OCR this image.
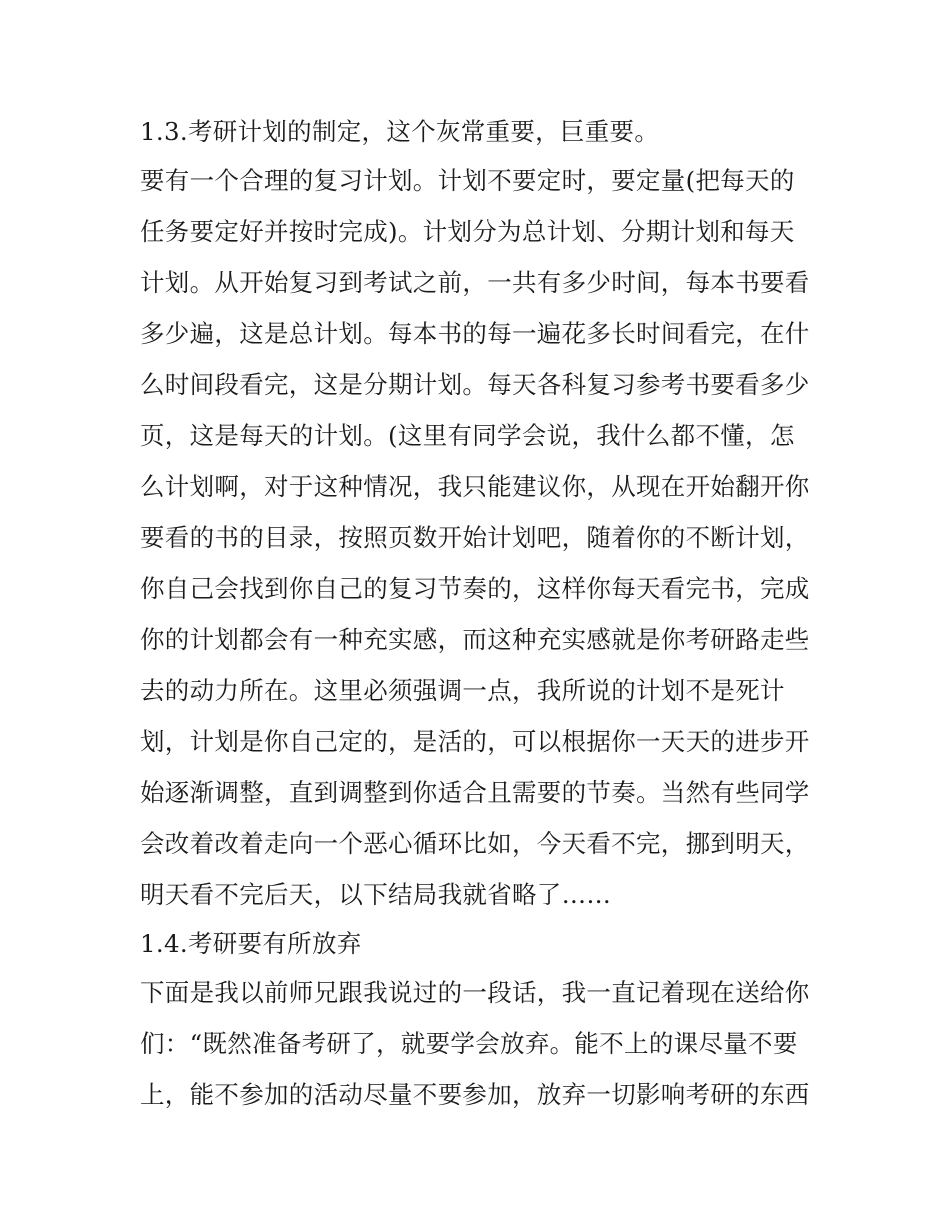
1.3.考研计划的制定，这个灰常重要，巨重要。
要有一个合理的复习计划。计划不要定时，要定量(把每天的
任务要定好并按时完成)。计划分为总计划、分期计划和每天
计划。从开始复习到考试之前，一共有多少时间，每本书要看
多少遍，这是总计划。每本书的每一遍花多长时间看完，在什
么时间段看完，这是分期计划。每天各科复习参考书要看多少
页，这是每天的计划。(这里有同学会说，我什么都不懂，怎
么计划啊，对于这种情况，我只能建议你，从现在开始翻开你
要看的书的目录，按照页数开始计划吧，随着你的不断计划，
你自己会找到你自己的复习节奏的，这样你每天看完书，完成
你的计划都会有一种充实感，而这种充实感就是你考研路走些
去的动力所在。这里必须强调一点，我所说的计划不是死计
划，计划是你自己定的，是活的，可以根据你一天天的进步开
始逐渐调整，直到调整到你适合且需要的节奏。当然有些同学
会改着改着走向一个恶心循环比如，今天看不完，挪到明天，
明天看不完后天，以下结局我就省略了……
1.4.考研要有所放弃
下面是我以前师兄跟我说过的一段话，我一直记着现在送给你
们：“既然准备考研了，就要学会放弃。能不上的课尽量不要
上，能不参加的活动尽量不要参加，放弃一切影响考研的东西
